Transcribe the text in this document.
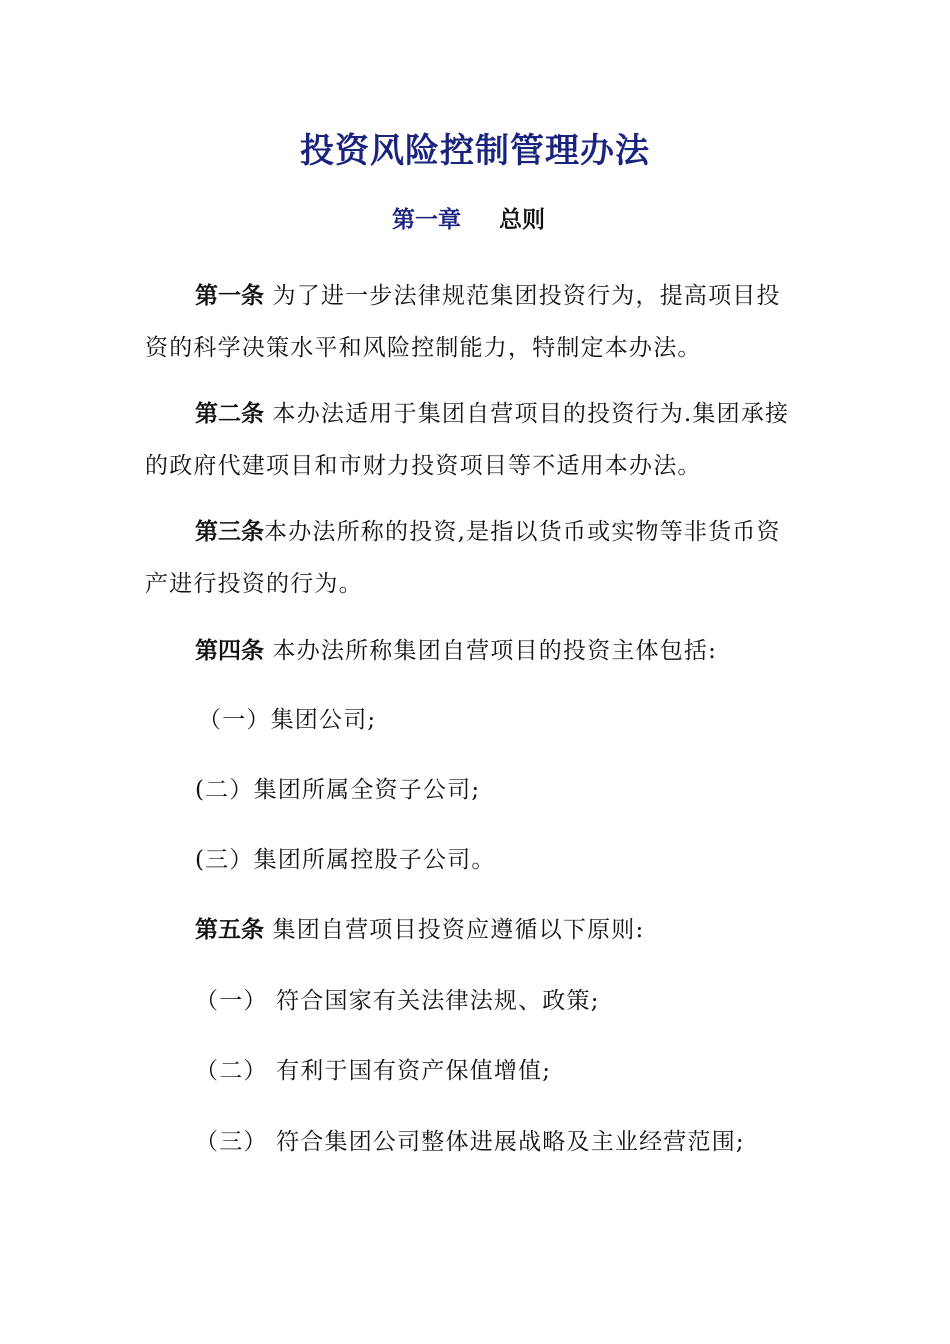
投资风险控制管理办法
第一章 总则
第一条 为了进一步法律规范集团投资行为，提高项目投资的科学决策水平和风险控制能力，特制定本办法。
第二条 本办法适用于集团自营项目的投资行为.集团承接的政府代建项目和市财力投资项目等不适用本办法。
第三条本办法所称的投资,是指以货币或实物等非货币资产进行投资的行为。
第四条 本办法所称集团自营项目的投资主体包括:
（一）集团公司;
(二）集团所属全资子公司;
(三）集团所属控股子公司。
第五条 集团自营项目投资应遵循以下原则:
（一） 符合国家有关法律法规、政策;
（二） 有利于国有资产保值增值;
（三） 符合集团公司整体进展战略及主业经营范围;
